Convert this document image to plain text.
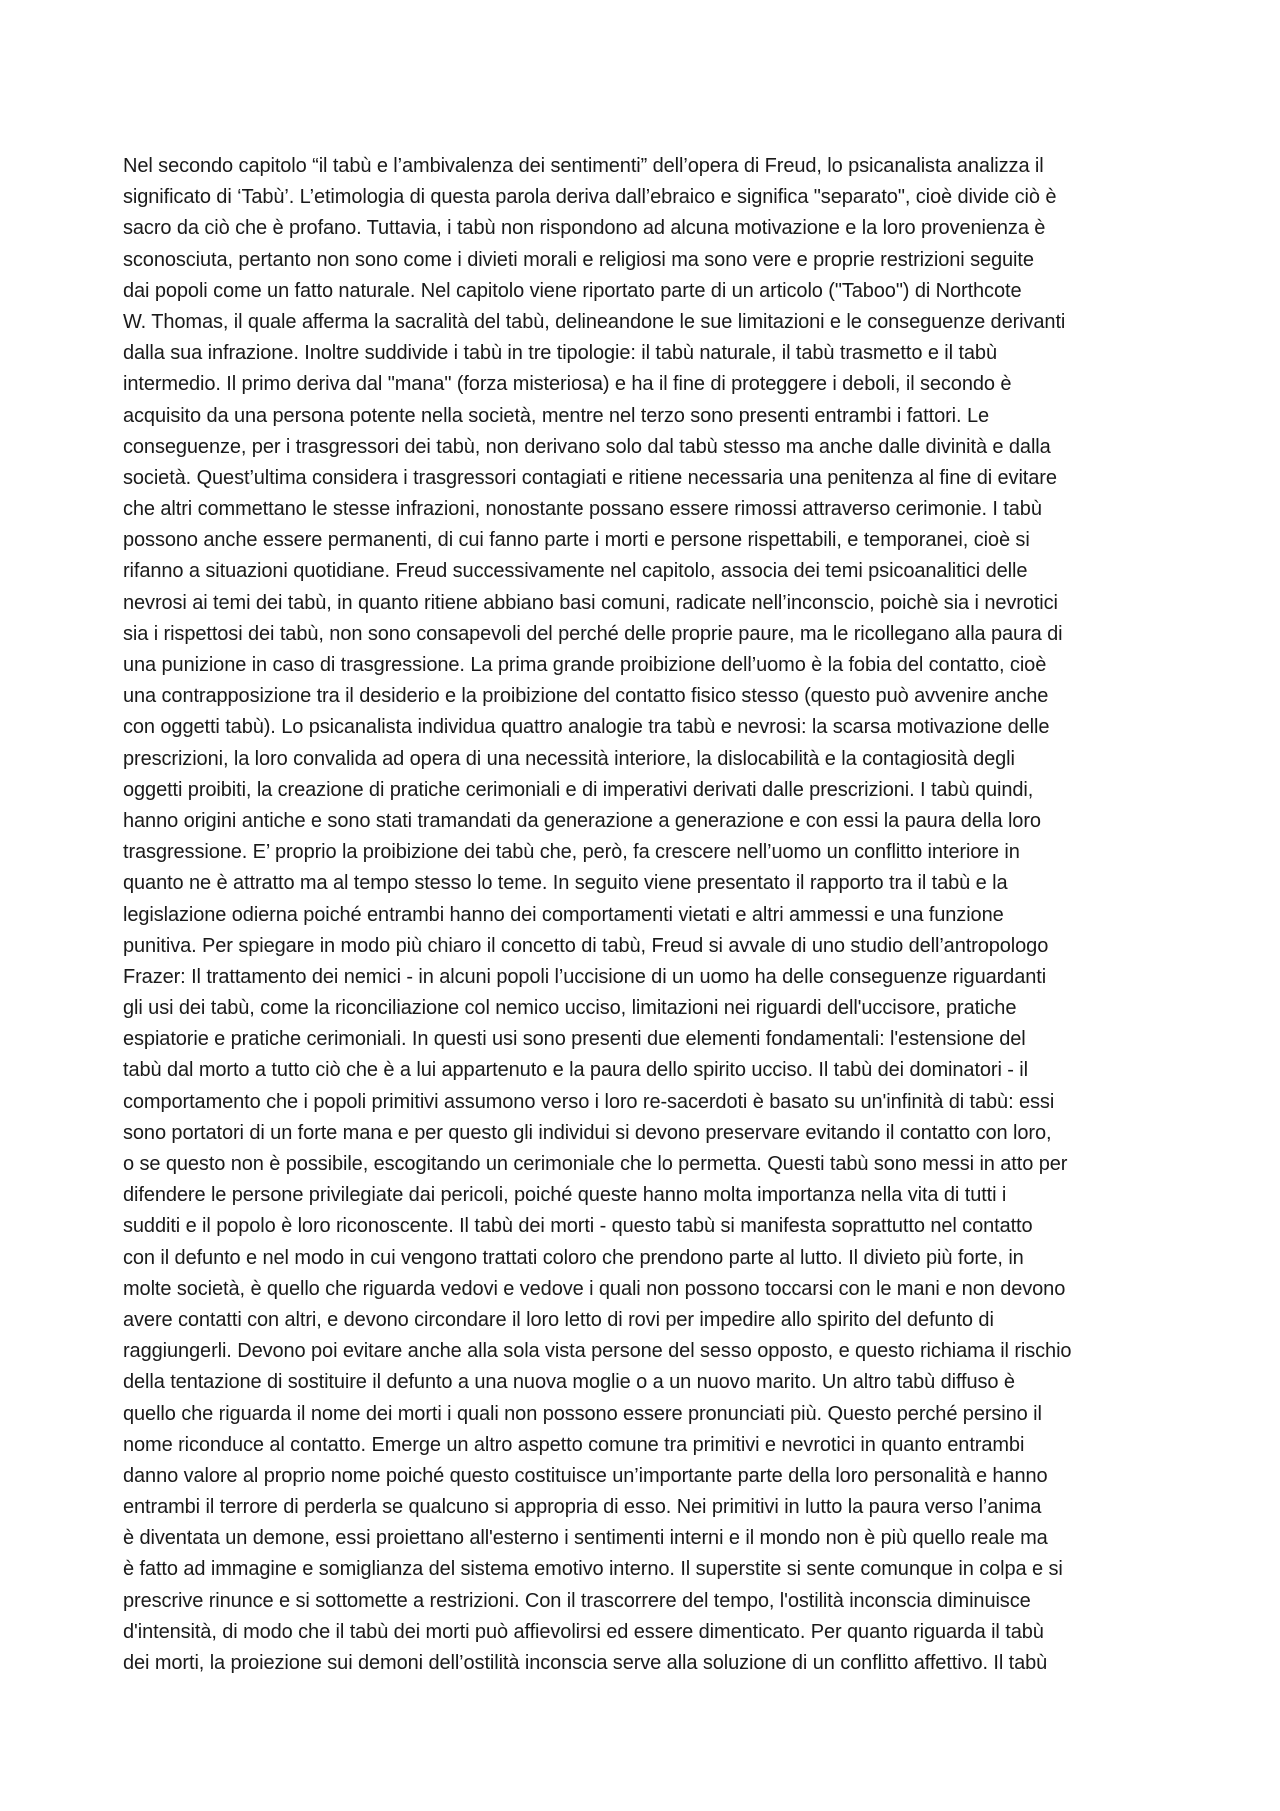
Nel secondo capitolo “il tabù e l’ambivalenza dei sentimenti” dell’opera di Freud, lo psicanalista analizza il
significato di ‘Tabù’. L’etimologia di questa parola deriva dall’ebraico e significa "separato", cioè divide ciò è
sacro da ciò che è profano. Tuttavia, i tabù non rispondono ad alcuna motivazione e la loro provenienza è
sconosciuta, pertanto non sono come i divieti morali e religiosi ma sono vere e proprie restrizioni seguite
dai popoli come un fatto naturale. Nel capitolo viene riportato parte di un articolo ("Taboo") di Northcote
W. Thomas, il quale afferma la sacralità del tabù, delineandone le sue limitazioni e le conseguenze derivanti
dalla sua infrazione. Inoltre suddivide i tabù in tre tipologie: il tabù naturale, il tabù trasmetto e il tabù
intermedio. Il primo deriva dal "mana" (forza misteriosa) e ha il fine di proteggere i deboli, il secondo è
acquisito da una persona potente nella società, mentre nel terzo sono presenti entrambi i fattori. Le
conseguenze, per i trasgressori dei tabù, non derivano solo dal tabù stesso ma anche dalle divinità e dalla
società. Quest’ultima considera i trasgressori contagiati e ritiene necessaria una penitenza al fine di evitare
che altri commettano le stesse infrazioni, nonostante possano essere rimossi attraverso cerimonie. I tabù
possono anche essere permanenti, di cui fanno parte i morti e persone rispettabili, e temporanei, cioè si
rifanno a situazioni quotidiane. Freud successivamente nel capitolo, associa dei temi psicoanalitici delle
nevrosi ai temi dei tabù, in quanto ritiene abbiano basi comuni, radicate nell’inconscio, poichè sia i nevrotici
sia i rispettosi dei tabù, non sono consapevoli del perché delle proprie paure, ma le ricollegano alla paura di
una punizione in caso di trasgressione. La prima grande proibizione dell’uomo è la fobia del contatto, cioè
una contrapposizione tra il desiderio e la proibizione del contatto fisico stesso (questo può avvenire anche
con oggetti tabù). Lo psicanalista individua quattro analogie tra tabù e nevrosi: la scarsa motivazione delle
prescrizioni, la loro convalida ad opera di una necessità interiore, la dislocabilità e la contagiosità degli
oggetti proibiti, la creazione di pratiche cerimoniali e di imperativi derivati dalle prescrizioni. I tabù quindi,
hanno origini antiche e sono stati tramandati da generazione a generazione e con essi la paura della loro
trasgressione. E’ proprio la proibizione dei tabù che, però, fa crescere nell’uomo un conflitto interiore in
quanto ne è attratto ma al tempo stesso lo teme. In seguito viene presentato il rapporto tra il tabù e la
legislazione odierna poiché entrambi hanno dei comportamenti vietati e altri ammessi e una funzione
punitiva. Per spiegare in modo più chiaro il concetto di tabù, Freud si avvale di uno studio dell’antropologo
Frazer: Il trattamento dei nemici - in alcuni popoli l’uccisione di un uomo ha delle conseguenze riguardanti
gli usi dei tabù, come la riconciliazione col nemico ucciso, limitazioni nei riguardi dell'uccisore, pratiche
espiatorie e pratiche cerimoniali. In questi usi sono presenti due elementi fondamentali: l'estensione del
tabù dal morto a tutto ciò che è a lui appartenuto e la paura dello spirito ucciso. Il tabù dei dominatori - il
comportamento che i popoli primitivi assumono verso i loro re-sacerdoti è basato su un'infinità di tabù: essi
sono portatori di un forte mana e per questo gli individui si devono preservare evitando il contatto con loro,
o se questo non è possibile, escogitando un cerimoniale che lo permetta. Questi tabù sono messi in atto per
difendere le persone privilegiate dai pericoli, poiché queste hanno molta importanza nella vita di tutti i
sudditi e il popolo è loro riconoscente. Il tabù dei morti - questo tabù si manifesta soprattutto nel contatto
con il defunto e nel modo in cui vengono trattati coloro che prendono parte al lutto. Il divieto più forte, in
molte società, è quello che riguarda vedovi e vedove i quali non possono toccarsi con le mani e non devono
avere contatti con altri, e devono circondare il loro letto di rovi per impedire allo spirito del defunto di
raggiungerli. Devono poi evitare anche alla sola vista persone del sesso opposto, e questo richiama il rischio
della tentazione di sostituire il defunto a una nuova moglie o a un nuovo marito. Un altro tabù diffuso è
quello che riguarda il nome dei morti i quali non possono essere pronunciati più. Questo perché persino il
nome riconduce al contatto. Emerge un altro aspetto comune tra primitivi e nevrotici in quanto entrambi
danno valore al proprio nome poiché questo costituisce un’importante parte della loro personalità e hanno
entrambi il terrore di perderla se qualcuno si appropria di esso. Nei primitivi in lutto la paura verso l’anima
è diventata un demone, essi proiettano all'esterno i sentimenti interni e il mondo non è più quello reale ma
è fatto ad immagine e somiglianza del sistema emotivo interno. Il superstite si sente comunque in colpa e si
prescrive rinunce e si sottomette a restrizioni. Con il trascorrere del tempo, l'ostilità inconscia diminuisce
d'intensità, di modo che il tabù dei morti può affievolirsi ed essere dimenticato. Per quanto riguarda il tabù
dei morti, la proiezione sui demoni dell’ostilità inconscia serve alla soluzione di un conflitto affettivo. Il tabù
